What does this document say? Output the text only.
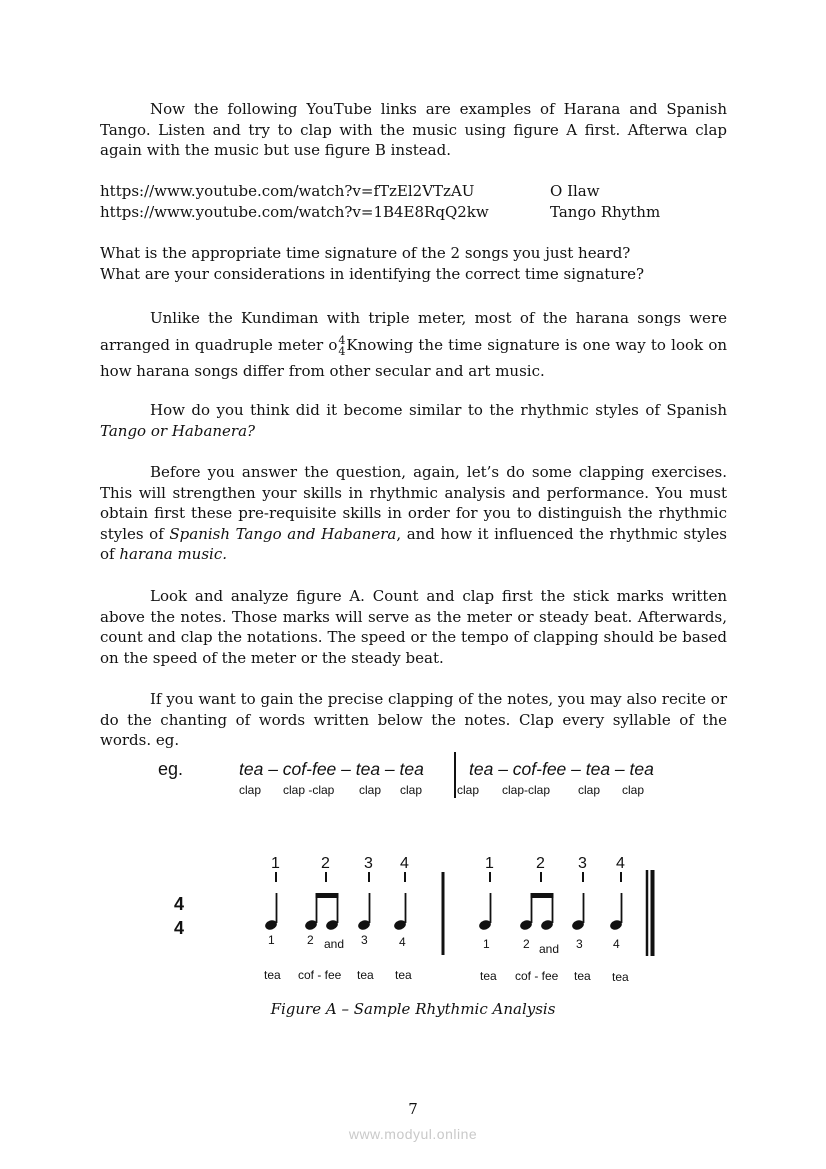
Now the following YouTube links are examples of Harana and Spanish Tango. Listen and try to clap with the music using figure A first. Afterwa clap again with the music but use figure B instead.

https://www.youtube.com/watch?v=fTzEl2VTzAU	O Ilaw
https://www.youtube.com/watch?v=1B4E8RqQ2kw	Tango Rhythm
What is the appropriate time signature of the 2 songs you just heard?
What are your considerations in identifying the correct time signature?

Unlike the Kundiman with triple meter, most of the harana songs were arranged in quadruple meter o 4
4 Knowing the time signature is one way to look on how harana songs differ from other secular and art music.

How do you think did it become similar to the rhythmic styles of Spanish Tango or Habanera?

Before you answer the question, again, let’s do some clapping exercises. This will strengthen your skills in rhythmic analysis and performance. You must obtain first these pre-requisite skills in order for you to distinguish the rhythmic styles of Spanish Tango and Habanera, and how it influenced the rhythmic styles of harana music.

Look and analyze figure A. Count and clap first the stick marks written above the notes. Those marks will serve as the meter or steady beat. Afterwards, count and clap the notations. The speed or the tempo of clapping should be based on the speed of the meter or the steady beat.

If you want to gain the precise clapping of the notes, you may also recite or do the chanting of words written below the notes. Clap every syllable of the words. eg.

eg.	tea – cof-fee – tea – tea	tea – cof-fee – tea – tea
clap clap -clap clap clap	clap clap-clap clap clap
1	2 3 4	1	2 3 4
4
4
1	2 and 3	4	1	2 and 3	4
tea cof - fee tea tea	tea cof - fee tea tea
Figure A – Sample Rhythmic Analysis
7
www.modyul.online
